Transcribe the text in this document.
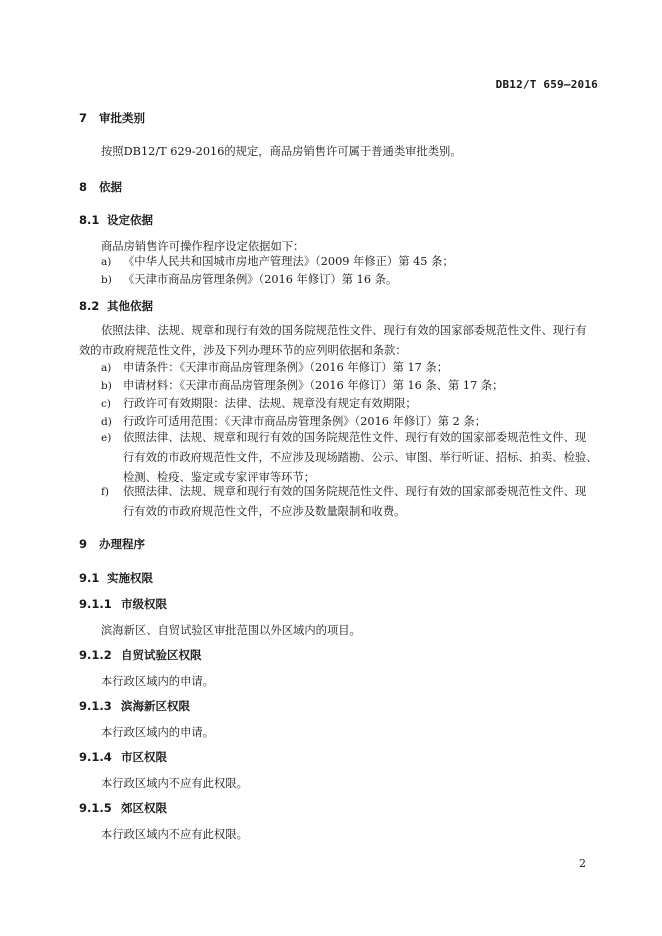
DB12/T 659—2016
7 审批类别
按照DB12/T 629-2016的规定，商品房销售许可属于普通类审批类别。
8 依据
8.1 设定依据
商品房销售许可操作程序设定依据如下：
a)	《中华人民共和国城市房地产管理法》（2009 年修正）第 45 条；
b) 《天津市商品房管理条例》（2016 年修订）第 16 条。
8.2 其他依据
依照法律、法规、规章和现行有效的国务院规范性文件、现行有效的国家部委规范性文件、现行有
效的市政府规范性文件，涉及下列办理环节的应列明依据和条款：
a)	申请条件：《天津市商品房管理条例》（2016 年修订）第 17 条；
b) 申请材料：《天津市商品房管理条例》（2016 年修订）第 16 条、第 17 条；
c)	行政许可有效期限：法律、法规、规章没有规定有效期限；
d) 行政许可适用范围：《天津市商品房管理条例》（2016 年修订）第 2 条；
e)	依照法律、法规、规章和现行有效的国务院规范性文件、现行有效的国家部委规范性文件、现
行有效的市政府规范性文件，不应涉及现场踏勘、公示、审图、举行听证、招标、拍卖、检验、
检测、检疫、鉴定或专家评审等环节；
f)	依照法律、法规、规章和现行有效的国务院规范性文件、现行有效的国家部委规范性文件、现
行有效的市政府规范性文件，不应涉及数量限制和收费。
9 办理程序
9.1 实施权限
9.1.1 市级权限
滨海新区、自贸试验区审批范围以外区域内的项目。
9.1.2 自贸试验区权限
本行政区域内的申请。
9.1.3 滨海新区权限
本行政区域内的申请。
9.1.4 市区权限
本行政区域内不应有此权限。
9.1.5 郊区权限
本行政区域内不应有此权限。
2
